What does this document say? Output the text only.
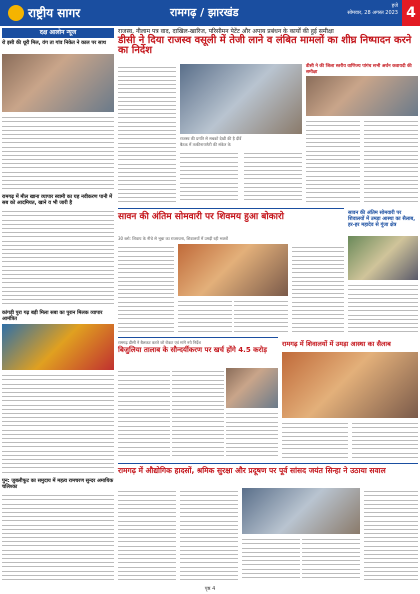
राष्ट्रीय सागर	रामगढ़ / झारखंड	हजे
सोमवार, 28 अगस्त 2023 4
दक्ष आलोन न्यूज
रो इसी की धूरी मिल, वंग ता गांव निकेत ने काल पर साथ
रामगढ़ में मील खाना व्यापार स्वामी का यह नवीकरण पानी में सब को आदमियत, खाने व भी जारी है
कांगड़ी पुरा गढ़ बड़ी मिला सबा का पुरान मिलक व्यापार आमंत्रित
पुन: जुबलीफूट का समुदाय में महत्व रामचरण सुन्दर अमायिक चलिश्का
राजस्व, नीलाम पत्र वाद, दाखिल-खारिज, परिसीमन पेटेंट और अपाय प्रबंधन के कार्यों की हुई समीक्षा
डीसी ने दिया राजस्व वसूली में तेजी लाने व लंबित मामलों का शीघ्र निष्पादन करने का निर्देश
राजस्व की प्रगति से सबको देखी की है दीवें
बैठक में तत्कीनायणेटी की संकेत के
डीसी ने की जिला स्तरीय वाणिज्य पांगंच सभी अर्थन कवायदी की समीक्षा
सावन की अंतिम सोमवारी पर शिवमय हुआ बोकारो
30 ब्लो: शिवाय के नीचे से भूबा का राजरचना, शिवालयों में उमड़ी रही भक्तों
सावन की अंतिम सोमवारी पर शिवालयों में उमड़ा आस्था का सैलाब, हर-हर महादेव से गूंजा क्षेत्र
रामगढ़ डीसी ने बैलकट करते जो रोकट एवं मांगे नये निर्देश
बिजुलिया तालाब के सौन्दर्यीकरण पर खर्च होंगे 4.5 करोड़
रामगढ़ में शिवालयों में उमड़ा आस्था का सैलाब
रामगढ़ में औद्योगिक हादसों, श्रमिक सुरक्षा और प्रदूषण पर पूर्व सांसद जयंत सिन्हा ने उठाया सवाल
पृष्ठ 4
